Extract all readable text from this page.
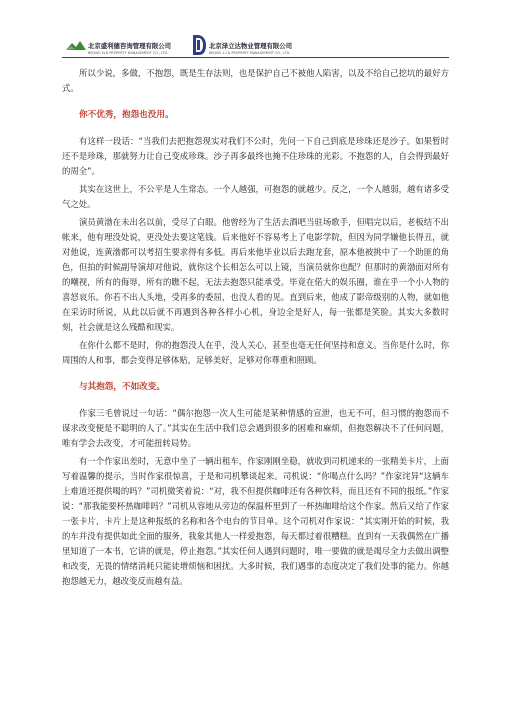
北京盛利德咨询管理有限公司
BEIJING SLD PROPERTY MANAGEMENT CO., LTD.
北京泽立达物业管理有限公司
BEIJING L.I.D PROPERTY MANAGEMENT CO., LTD.

所以少说，多做，不抱怨，既是生存法则，也是保护自己不被他人陷害，以及不给自己挖坑的最好方式。

你不优秀，抱怨也没用。

有这样一段话：“当我们去把抱怨现实对我们不公时，先问一下自己到底是珍珠还是沙子。如果暂时还不是珍珠，那就努力让自己变成珍珠。沙子再多最终也掩不住珍珠的光彩。不抱怨的人，自会得到最好的周全”。

其实在这世上，不公平是人生常态。一个人越强，可抱怨的就越少。反之，一个人越弱，越有诸多受气之处。

演员黄渤在未出名以前，受尽了白眼。他曾经为了生活去酒吧当驻场歌手，但唱完以后，老板结不出帐来，他有理没处说，更没处去要这笔钱。后来他好不容易考上了电影学院，但因为同学嫌他长得丑，就对他说，连黄渤都可以考招生要求得有多低。再后来他毕业以后去跑龙套，原本他被挑中了一个助匪的角色，但拍的时候副导演却对他说，就你这个长相怎么可以上镜，当演员就你也配？但那时的黄渤面对所有的嘲视，所有的侮辱，所有的瞧不起，无法去抱怨只能承受。毕竟在偌大的娱乐圈，谁在乎一个小人物的喜怒哀乐。你若不出人头地，受再多的委屈，也没人看的见。直到后来，他成了影帝级别的人物，就如他在采访时所说，从此以后就不再遇到各种各样小心机，身边全是好人，每一张都是笑脸。其实大多数时刻，社会就是这么残酷和现实。

在你什么都不是时，你的抱怨没人在乎，没人关心，甚至也毫无任何坚持和意义。当你是什么时，你周围的人和事，都会变得足够体贴，足够美好，足够对你尊重和照顾。

与其抱怨，不如改变。

作家三毛曾说过一句话：“偶尔抱怨一次人生可能是某种情感的宣泄，也无不可，但习惯的抱怨而不谋求改变便是不聪明的人了。”其实在生活中我们总会遇到很多的困难和麻烦，但抱怨解决不了任何问题，唯有学会去改变，才可能扭转局势。

有一个作家出差时，无意中坐了一辆出租车，作家刚刚坐稳，就收到司机递来的一张精美卡片，上面写着温馨的提示，当时作家很惊喜，于是和司机攀谈起来。司机说：“你喝点什么吗？”作家诧异“这辆车上难道还提供喝的吗？”司机微笑着说：“对，我不但提供咖啡还有各种饮料，而且还有不同的报纸。”作家说：“那我能要杯热咖啡吗？”司机从容地从旁边的保温杯里到了一杯热咖啡给这个作家。然后又给了作家一张卡片，卡片上是这种报纸的名称和各个电台的节目单。这个司机对作家说：“其实刚开始的时候，我的车并没有提供如此全面的服务，我象其他人一样爱抱怨，每天都过着很糟糕。直到有一天我偶然在广播里知道了一本书，它讲的就是，停止抱怨。”其实任何人遇到问题时，唯一要做的就是竭尽全力去做出调整和改变，无畏的情绪消耗只能徒增烦恼和困扰。大多时候，我们遇事的态度决定了我们处事的能力。你越抱怨越无力，越改变反而越有益。
